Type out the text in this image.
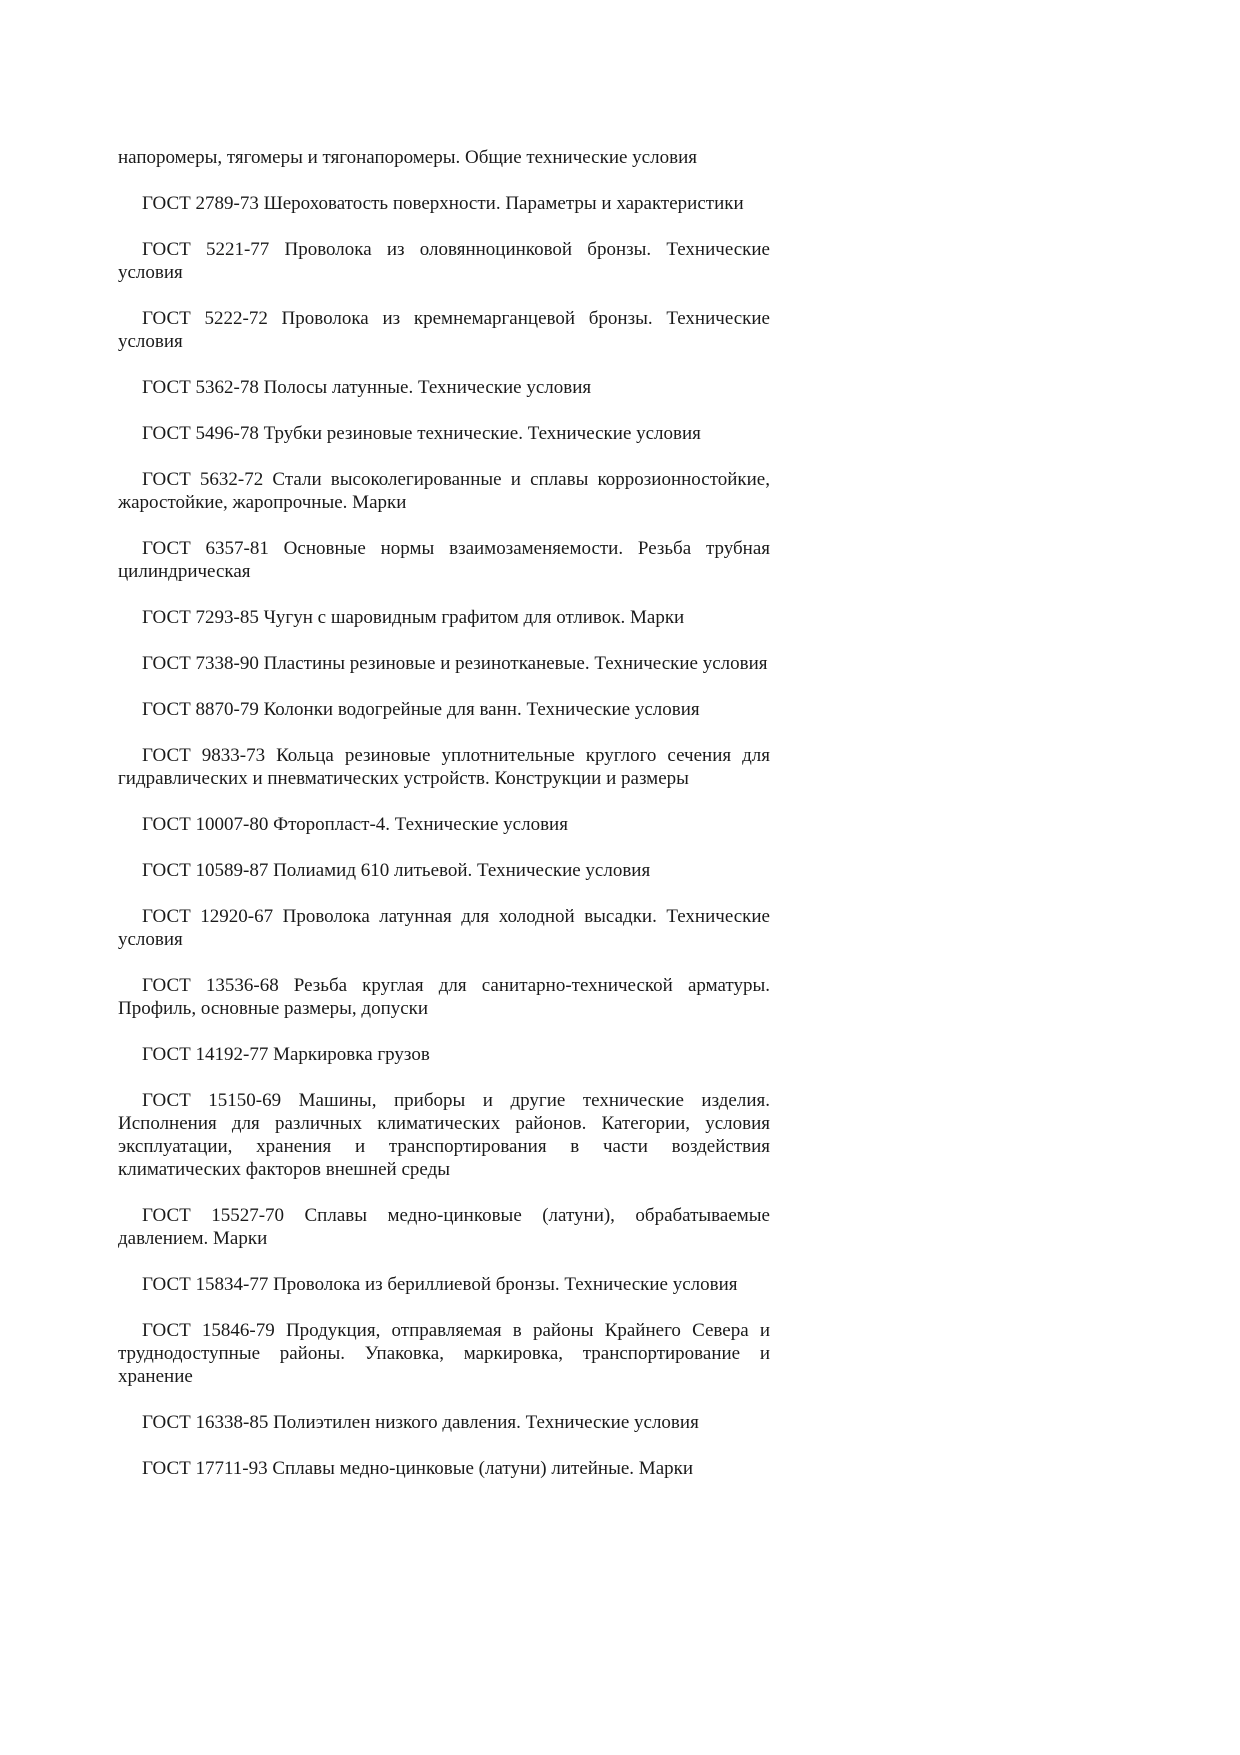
напоромеры, тягомеры и тягонапоромеры. Общие технические условия

ГОСТ 2789-73 Шероховатость поверхности. Параметры и характеристики

ГОСТ 5221-77 Проволока из оловянноцинковой бронзы. Технические условия

ГОСТ 5222-72 Проволока из кремнемарганцевой бронзы. Технические условия

ГОСТ 5362-78 Полосы латунные. Технические условия

ГОСТ 5496-78 Трубки резиновые технические. Технические условия

ГОСТ 5632-72 Стали высоколегированные и сплавы коррозионностойкие, жаростойкие, жаропрочные. Марки

ГОСТ 6357-81 Основные нормы взаимозаменяемости. Резьба трубная цилиндрическая

ГОСТ 7293-85 Чугун с шаровидным графитом для отливок. Марки

ГОСТ 7338-90 Пластины резиновые и резинотканевые. Технические условия

ГОСТ 8870-79 Колонки водогрейные для ванн. Технические условия

ГОСТ 9833-73 Кольца резиновые уплотнительные круглого сечения для гидравлических и пневматических устройств. Конструкции и размеры

ГОСТ 10007-80 Фторопласт-4. Технические условия

ГОСТ 10589-87 Полиамид 610 литьевой. Технические условия

ГОСТ 12920-67 Проволока латунная для холодной высадки. Технические условия

ГОСТ 13536-68 Резьба круглая для санитарно-технической арматуры. Профиль, основные размеры, допуски

ГОСТ 14192-77 Маркировка грузов

ГОСТ 15150-69 Машины, приборы и другие технические изделия. Исполнения для различных климатических районов. Категории, условия эксплуатации, хранения и транспортирования в части воздействия климатических факторов внешней среды

ГОСТ 15527-70 Сплавы медно-цинковые (латуни), обрабатываемые давлением. Марки

ГОСТ 15834-77 Проволока из бериллиевой бронзы. Технические условия

ГОСТ 15846-79 Продукция, отправляемая в районы Крайнего Севера и труднодоступные районы. Упаковка, маркировка, транспортирование и хранение

ГОСТ 16338-85 Полиэтилен низкого давления. Технические условия

ГОСТ 17711-93 Сплавы медно-цинковые (латуни) литейные. Марки
